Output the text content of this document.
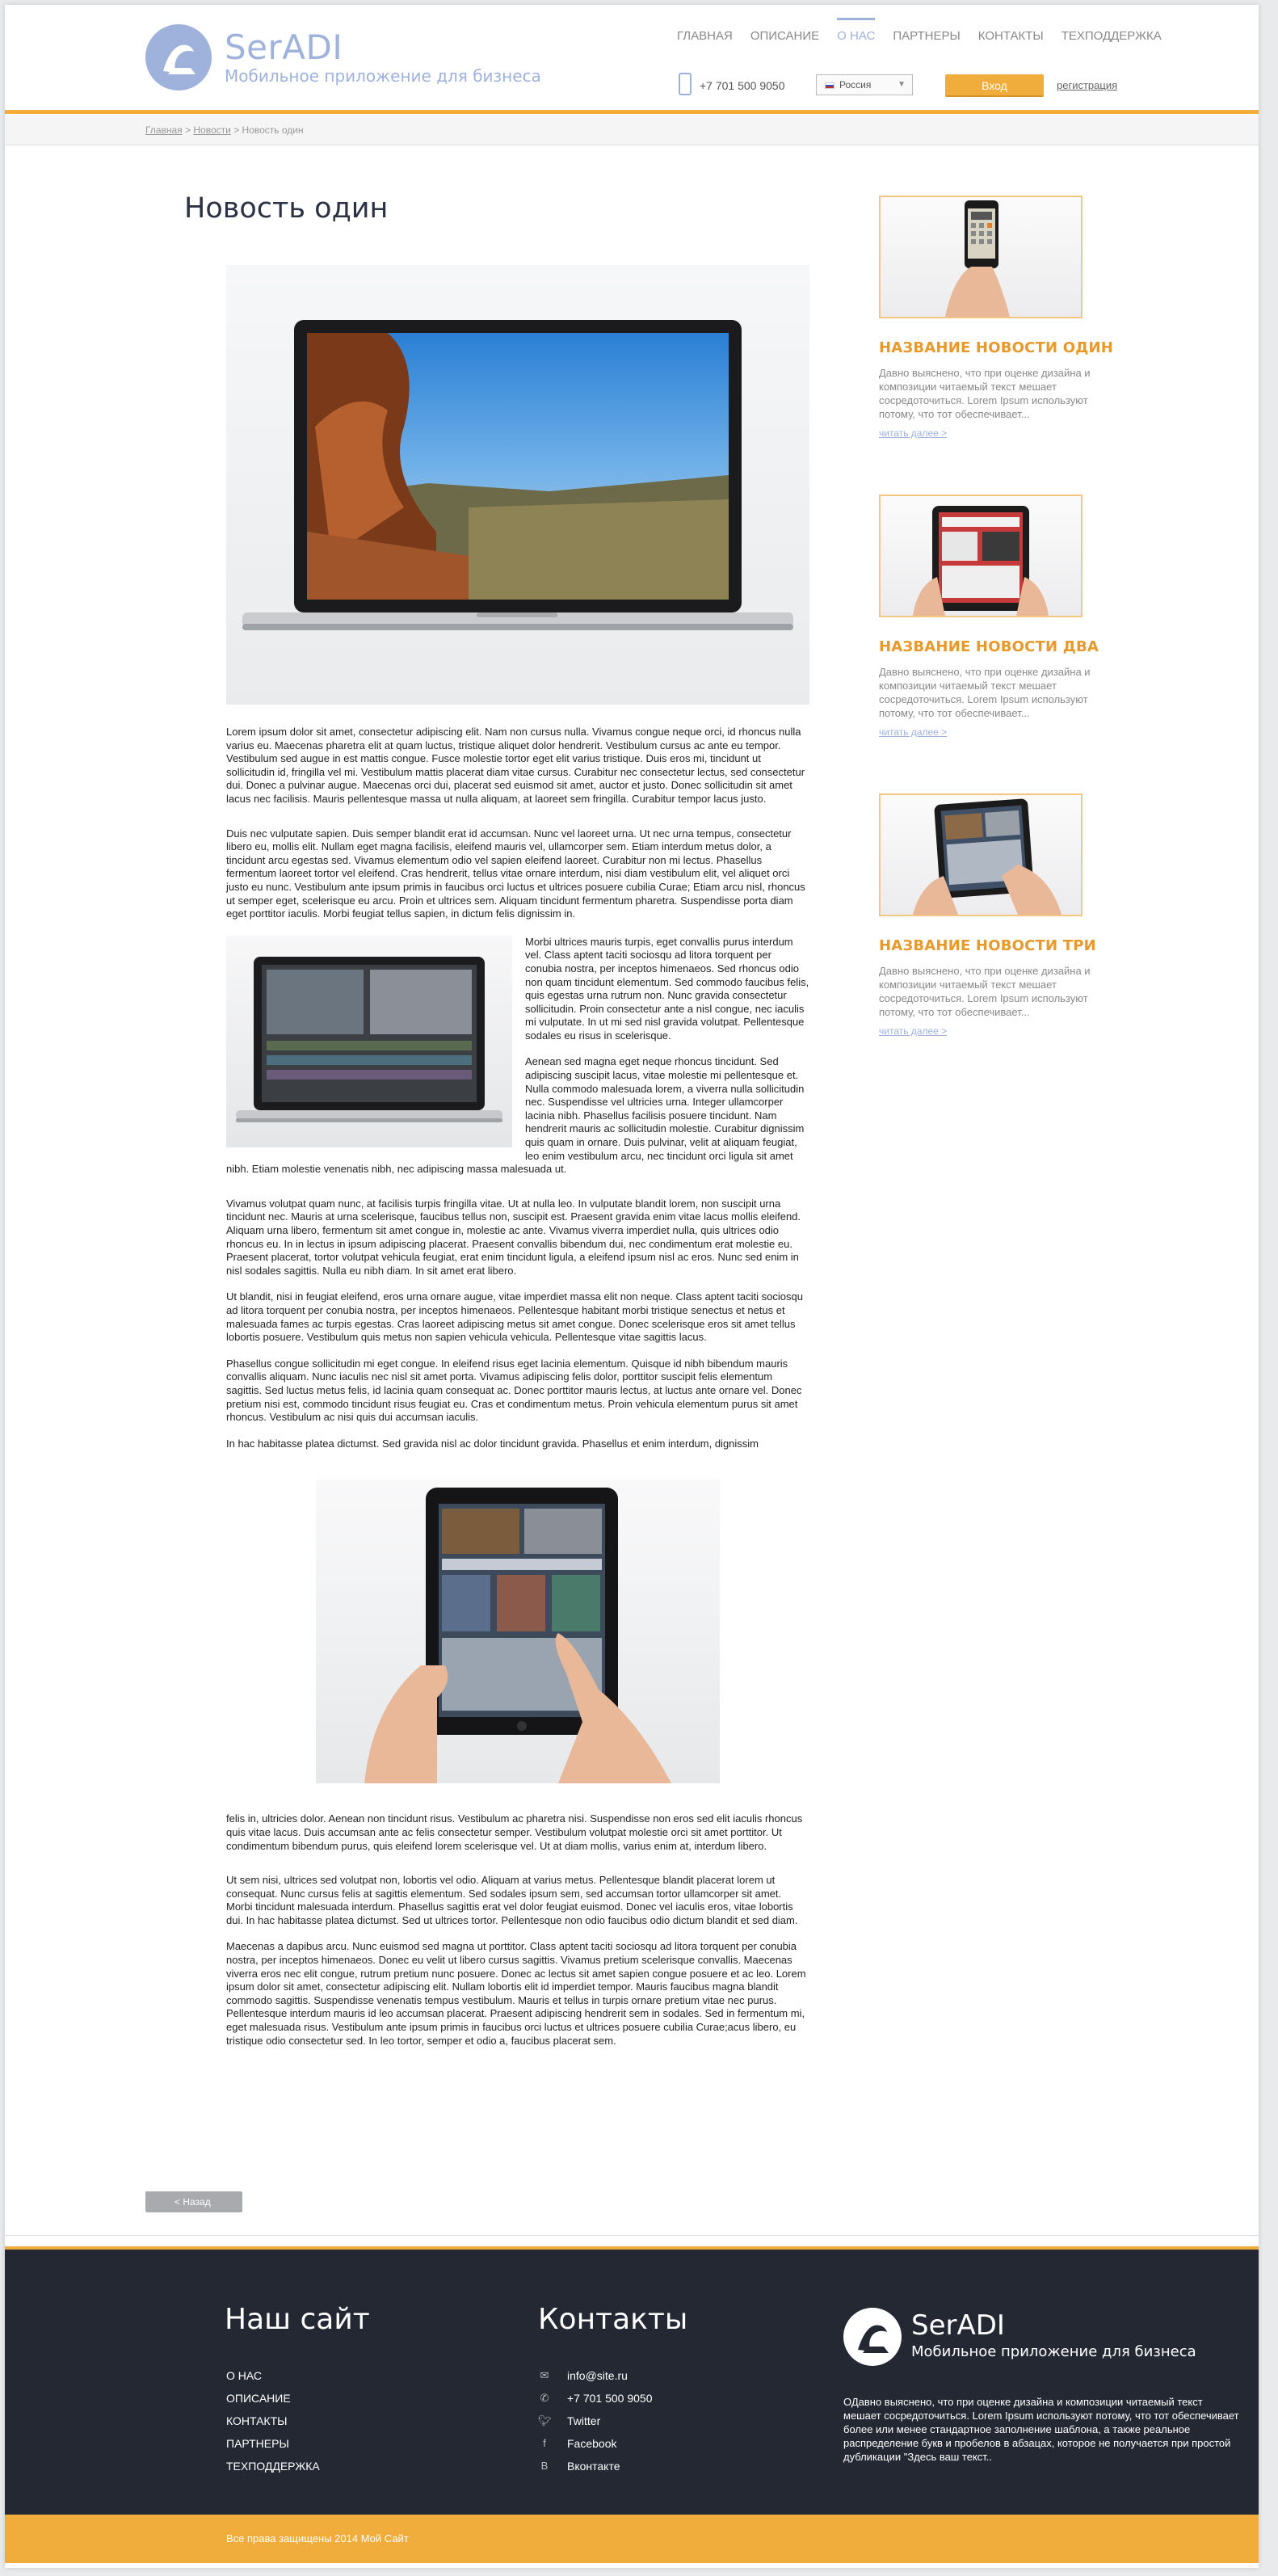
SerADI
Мобильное приложение для бизнеса
ГЛАВНАЯ ОПИСАНИЕ О НАС ПАРТНЕРЫ КОНТАКТЫ ТЕХПОДДЕРЖКА
+7 701 500 9050	Россия	▼	Вход	регистрация
Главная > Новости > Новость один
Новость один

Lorem ipsum dolor sit amet, consectetur adipiscing elit. Nam non cursus nulla. Vivamus congue neque orci, id rhoncus nulla varius eu. Maecenas pharetra elit at quam luctus, tristique aliquet dolor hendrerit. Vestibulum cursus ac ante eu tempor. Vestibulum sed augue in est mattis congue. Fusce molestie tortor eget elit varius tristique. Duis eros mi, tincidunt ut sollicitudin id, fringilla vel mi. Vestibulum mattis placerat diam vitae cursus. Curabitur nec consectetur lectus, sed consectetur dui. Donec a pulvinar augue. Maecenas orci dui, placerat sed euismod sit amet, auctor et justo. Donec sollicitudin sit amet lacus nec facilisis. Mauris pellentesque massa ut nulla aliquam, at laoreet sem fringilla. Curabitur tempor lacus justo.

Duis nec vulputate sapien. Duis semper blandit erat id accumsan. Nunc vel laoreet urna. Ut nec urna tempus, consectetur libero eu, mollis elit. Nullam eget magna facilisis, eleifend mauris vel, ullamcorper sem. Etiam interdum metus dolor, a tincidunt arcu egestas sed. Vivamus elementum odio vel sapien eleifend laoreet. Curabitur non mi lectus. Phasellus fermentum laoreet tortor vel eleifend. Cras hendrerit, tellus vitae ornare interdum, nisi diam vestibulum elit, vel aliquet orci justo eu nunc. Vestibulum ante ipsum primis in faucibus orci luctus et ultrices posuere cubilia Curae; Etiam arcu nisl, rhoncus ut semper eget, scelerisque eu arcu. Proin et ultrices sem. Aliquam tincidunt fermentum pharetra. Suspendisse porta diam eget porttitor iaculis. Morbi feugiat tellus sapien, in dictum felis dignissim in.

Morbi ultrices mauris turpis, eget convallis purus interdum vel. Class aptent taciti sociosqu ad litora torquent per conubia nostra, per inceptos himenaeos. Sed rhoncus odio non quam tincidunt elementum. Sed commodo faucibus felis, quis egestas urna rutrum non. Nunc gravida consectetur sollicitudin. Proin consectetur ante a nisl congue, nec iaculis mi vulputate. In ut mi sed nisl gravida volutpat. Pellentesque sodales eu risus in scelerisque.
Aenean sed magna eget neque rhoncus tincidunt. Sed adipiscing suscipit lacus, vitae molestie mi pellentesque et. Nulla commodo malesuada lorem, a viverra nulla sollicitudin nec. Suspendisse vel ultricies urna. Integer ullamcorper lacinia nibh. Phasellus facilisis posuere tincidunt. Nam hendrerit mauris ac sollicitudin molestie. Curabitur dignissim quis quam in ornare. Duis pulvinar, velit at aliquam feugiat, leo enim vestibulum arcu, nec tincidunt orci ligula sit amet nibh. Etiam molestie venenatis nibh, nec adipiscing massa malesuada ut.

Vivamus volutpat quam nunc, at facilisis turpis fringilla vitae. Ut at nulla leo. In vulputate blandit lorem, non suscipit urna tincidunt nec. Mauris at urna scelerisque, faucibus tellus non, suscipit est. Praesent gravida enim vitae lacus mollis eleifend. Aliquam urna libero, fermentum sit amet congue in, molestie ac ante. Vivamus viverra imperdiet nulla, quis ultrices odio rhoncus eu. In in lectus in ipsum adipiscing placerat. Praesent convallis bibendum dui, nec condimentum erat molestie eu. Praesent placerat, tortor volutpat vehicula feugiat, erat enim tincidunt ligula, a eleifend ipsum nisl ac eros. Nunc sed enim in nisl sodales sagittis. Nulla eu nibh diam. In sit amet erat libero.

Ut blandit, nisi in feugiat eleifend, eros urna ornare augue, vitae imperdiet massa elit non neque. Class aptent taciti sociosqu ad litora torquent per conubia nostra, per inceptos himenaeos. Pellentesque habitant morbi tristique senectus et netus et malesuada fames ac turpis egestas. Cras laoreet adipiscing metus sit amet congue. Donec scelerisque eros sit amet tellus lobortis posuere. Vestibulum quis metus non sapien vehicula vehicula. Pellentesque vitae sagittis lacus.

Phasellus congue sollicitudin mi eget congue. In eleifend risus eget lacinia elementum. Quisque id nibh bibendum mauris convallis aliquam. Nunc iaculis nec nisl sit amet porta. Vivamus adipiscing felis dolor, porttitor suscipit felis elementum sagittis. Sed luctus metus felis, id lacinia quam consequat ac. Donec porttitor mauris lectus, at luctus ante ornare vel. Donec pretium nisi est, commodo tincidunt risus feugiat eu. Cras et condimentum metus. Proin vehicula elementum purus sit amet rhoncus. Vestibulum ac nisi quis dui accumsan iaculis.

In hac habitasse platea dictumst. Sed gravida nisl ac dolor tincidunt gravida. Phasellus et enim interdum, dignissim

felis in, ultricies dolor. Aenean non tincidunt risus. Vestibulum ac pharetra nisi. Suspendisse non eros sed elit iaculis rhoncus quis vitae lacus. Duis accumsan ante ac felis consectetur semper. Vestibulum volutpat molestie orci sit amet porttitor. Ut condimentum bibendum purus, quis eleifend lorem scelerisque vel. Ut at diam mollis, varius enim at, interdum libero.

Ut sem nisi, ultrices sed volutpat non, lobortis vel odio. Aliquam at varius metus. Pellentesque blandit placerat lorem ut consequat. Nunc cursus felis at sagittis elementum. Sed sodales ipsum sem, sed accumsan tortor ullamcorper sit amet. Morbi tincidunt malesuada interdum. Phasellus sagittis erat vel dolor feugiat euismod. Donec vel iaculis eros, vitae lobortis dui. In hac habitasse platea dictumst. Sed ut ultrices tortor. Pellentesque non odio faucibus odio dictum blandit et sed diam.

Maecenas a dapibus arcu. Nunc euismod sed magna ut porttitor. Class aptent taciti sociosqu ad litora torquent per conubia nostra, per inceptos himenaeos. Donec eu velit ut libero cursus sagittis. Vivamus pretium scelerisque convallis. Maecenas viverra eros nec elit congue, rutrum pretium nunc posuere. Donec ac lectus sit amet sapien congue posuere et ac leo. Lorem ipsum dolor sit amet, consectetur adipiscing elit. Nullam lobortis elit id imperdiet tempor. Mauris faucibus magna blandit commodo sagittis. Suspendisse venenatis tempus vestibulum. Mauris et tellus in turpis ornare pretium vitae nec purus. Pellentesque interdum mauris id leo accumsan placerat. Praesent adipiscing hendrerit sem in sodales. Sed in fermentum mi, eget malesuada risus. Vestibulum ante ipsum primis in faucibus orci luctus et ultrices posuere cubilia Curae;acus libero, eu tristique odio consectetur sed. In leo tortor, semper et odio a, faucibus placerat sem.

< Назад
НАЗВАНИЕ НОВОСТИ ОДИН
Давно выяснено, что при оценке дизайна и композиции читаемый текст мешает сосредоточиться. Lorem Ipsum используют потому, что тот обеспечивает...
читать далее >
НАЗВАНИЕ НОВОСТИ ДВА
Давно выяснено, что при оценке дизайна и композиции читаемый текст мешает сосредоточиться. Lorem Ipsum используют потому, что тот обеспечивает...
читать далее >
НАЗВАНИЕ НОВОСТИ ТРИ
Давно выяснено, что при оценке дизайна и композиции читаемый текст мешает сосредоточиться. Lorem Ipsum используют потому, что тот обеспечивает...
читать далее >
Наш сайт
О НАС
ОПИСАНИЕ
КОНТАКТЫ
ПАРТНЕРЫ
ТЕХПОДДЕРЖКА
Контакты
✉ info@site.ru
✆ +7 701 500 9050
🐦︎ Twitter
f	Facebook
B Вконтакте
SerADI
Мобильное приложение для бизнеса
ОДавно выяснено, что при оценке дизайна и композиции читаемый текст мешает сосредоточиться. Lorem Ipsum используют потому, что тот обеспечивает более или менее стандартное заполнение шаблона, а также реальное распределение букв и пробелов в абзацах, которое не получается при простой дубликации "Здесь ваш текст..
Все права защищены 2014 Мой Сайт
